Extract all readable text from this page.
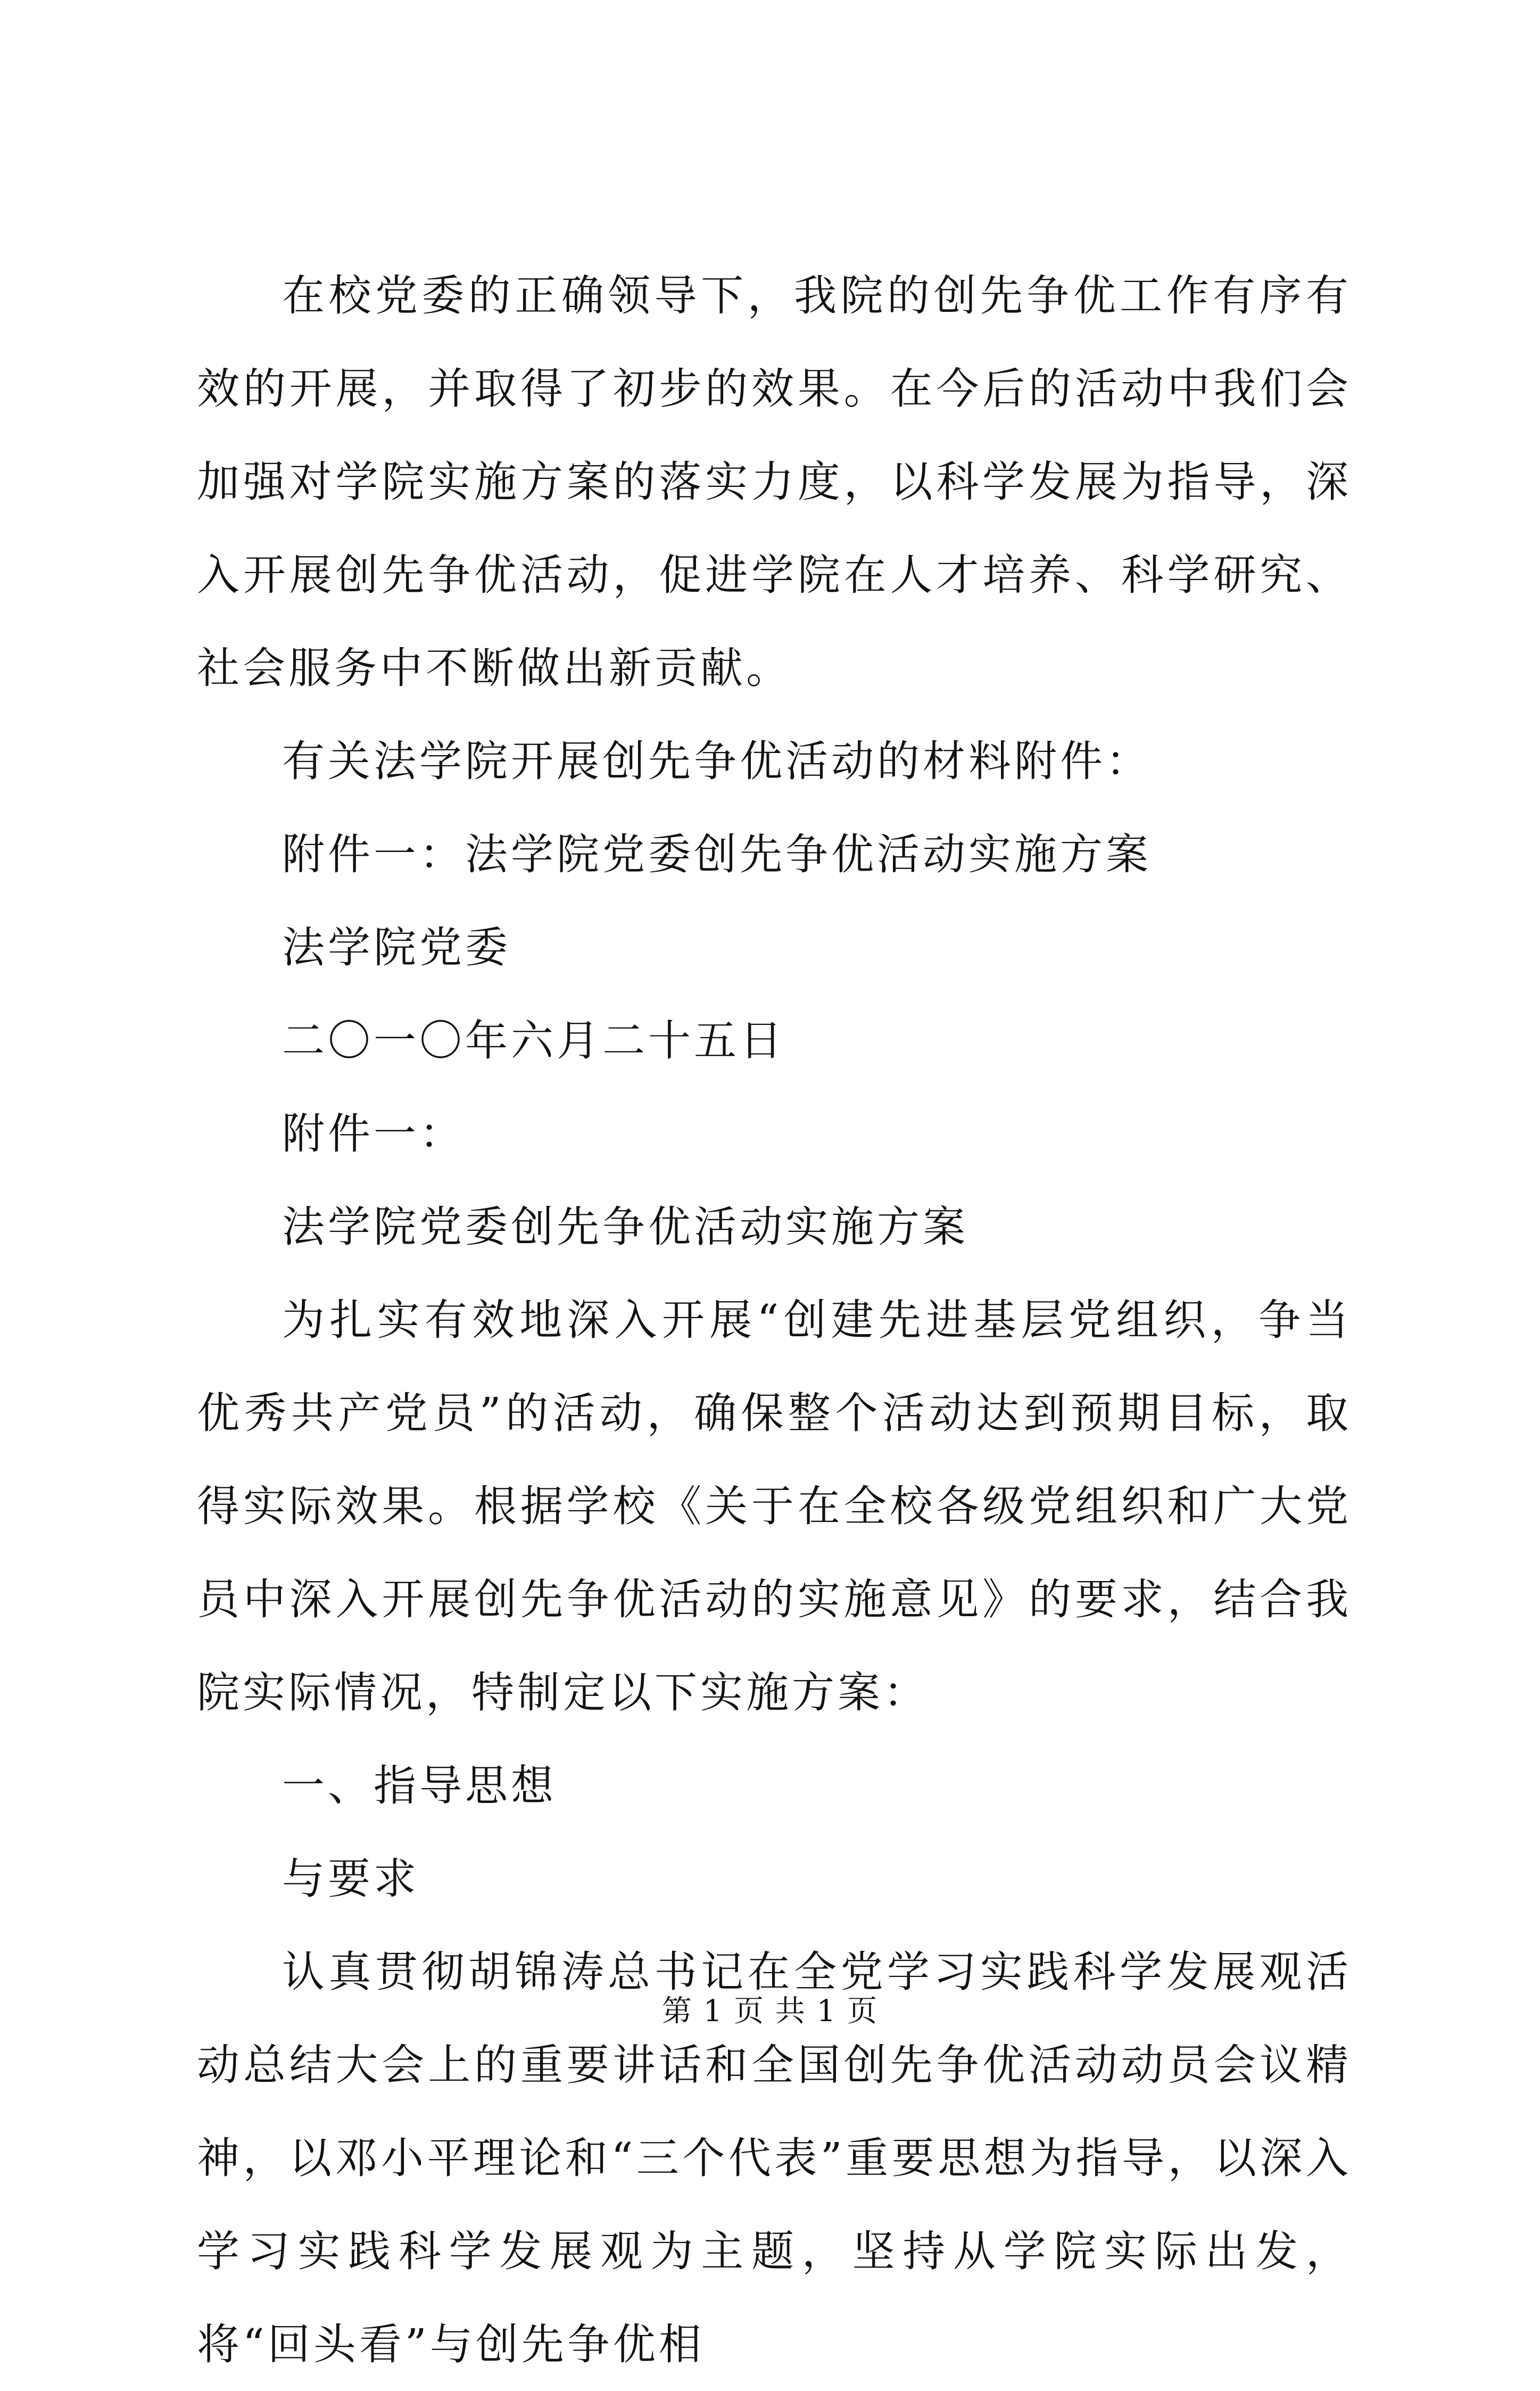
在校党委的正确领导下，我院的创先争优工作有序有效的开展，并取得了初步的效果。在今后的活动中我们会加强对学院实施方案的落实力度，以科学发展为指导，深入开展创先争优活动，促进学院在人才培养、科学研究、社会服务中不断做出新贡献。

有关法学院开展创先争优活动的材料附件：

附件一：法学院党委创先争优活动实施方案

法学院党委

二〇一〇年六月二十五日

附件一：

法学院党委创先争优活动实施方案

为扎实有效地深入开展“创建先进基层党组织，争当优秀共产党员”的活动，确保整个活动达到预期目标，取得实际效果。根据学校《关于在全校各级党组织和广大党员中深入开展创先争优活动的实施意见》的要求，结合我院实际情况，特制定以下实施方案：

一、指导思想

与要求

认真贯彻胡锦涛总书记在全党学习实践科学发展观活动总结大会上的重要讲话和全国创先争优活动动员会议精神，以邓小平理论和“三个代表”重要思想为指导，以深入学习实践科学发展观为主题，坚持从学院实际出发，将“回头看”与创先争优相

第 1 页 共 1 页
